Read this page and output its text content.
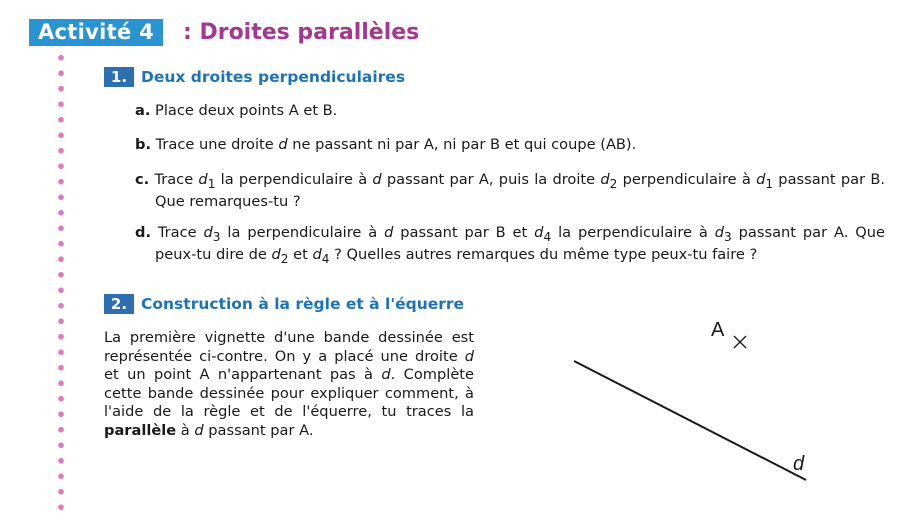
Activité 4	: Droites parallèles
1. Deux droites perpendiculaires
a. Place deux points A et B.
b. Trace une droite d ne passant ni par A, ni par B et qui coupe (AB).
c. Trace $d_1$ la perpendiculaire à d passant par A, puis la droite $d_2$ perpendiculaire à $d_1$ passant par B. Que remarques-tu ?
d. Trace $d_3$ la perpendiculaire à d passant par B et $d_4$ la perpendiculaire à $d_3$ passant par A. Que peux-tu dire de $d_2$ et $d_4$ ? Quelles autres remarques du même type peux-tu faire ?
2. Construction à la règle et à l'équerre
La première vignette d'une bande dessinée est représentée ci-contre. On y a placé une droite d et un point A n'appartenant pas à d. Complète cette bande dessinée pour expliquer comment, à l'aide de la règle et de l'équerre, tu traces la parallèle à d passant par A.
A
d
